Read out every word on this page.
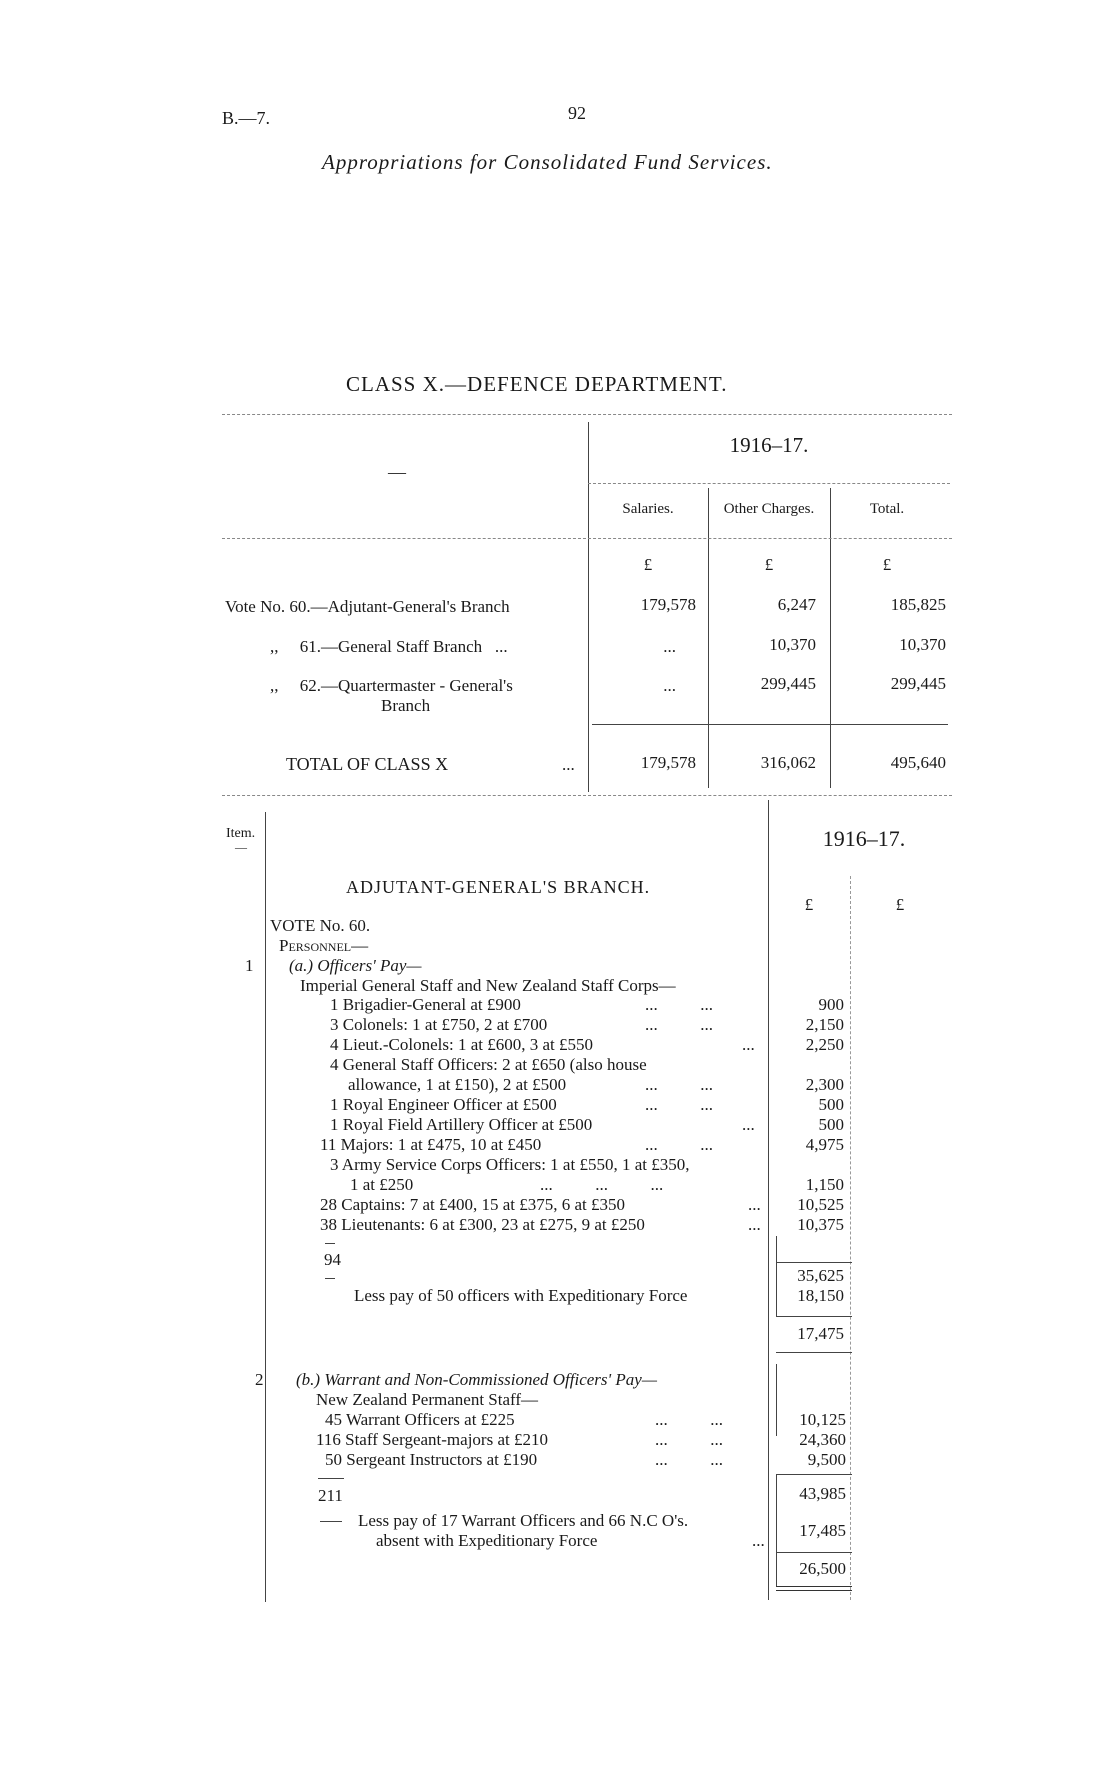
B.—7.	92
Appropriations for Consolidated Fund Services.
CLASS X.—DEFENCE DEPARTMENT.
—
1916–17.
Salaries.	Other Charges.	Total.
£	£	£
Vote No. 60.—Adjutant-General's Branch	179,578	6,247	185,825
,,     61.—General Staff Branch   ...	...	10,370	10,370
,,     62.—Quartermaster - General's
Branch
...	299,445	299,445
TOTAL OF CLASS X	...	179,578	316,062	495,640
Item.
—	1916–17.
£	£
ADJUTANT-GENERAL'S BRANCH.
VOTE No. 60.
Personnel—
1 (a.) Officers' Pay—
Imperial General Staff and New Zealand Staff Corps—
1 Brigadier-General at £900	...          ...	900
3 Colonels: 1 at £750, 2 at £700	...          ...	2,150
4 Lieut.-Colonels: 1 at £600, 3 at £550	...	2,250
4 General Staff Officers: 2 at £650 (also house
allowance, 1 at £150), 2 at £500	...          ...	2,300
1 Royal Engineer Officer at £500	...          ...	500
1 Royal Field Artillery Officer at £500	...	500
11 Majors: 1 at £475, 10 at £450	...          ...	4,975
3 Army Service Corps Officers: 1 at £550, 1 at £350,
1 at £250	...          ...          ...	1,150
28 Captains: 7 at £400, 15 at £375, 6 at £350	...	10,525
38 Lieutenants: 6 at £300, 23 at £275, 9 at £250	...	10,375
94
35,625
Less pay of 50 officers with Expeditionary Force	18,150
17,475
2 (b.) Warrant and Non-Commissioned Officers' Pay—
New Zealand Permanent Staff—
45 Warrant Officers at £225	...          ...	10,125
116 Staff Sergeant-majors at £210	...          ...	24,360
50 Sergeant Instructors at £190	...          ...	9,500
211	43,985
Less pay of 17 Warrant Officers and 66 N.C O's.
absent with Expeditionary Force	...
17,485
26,500
